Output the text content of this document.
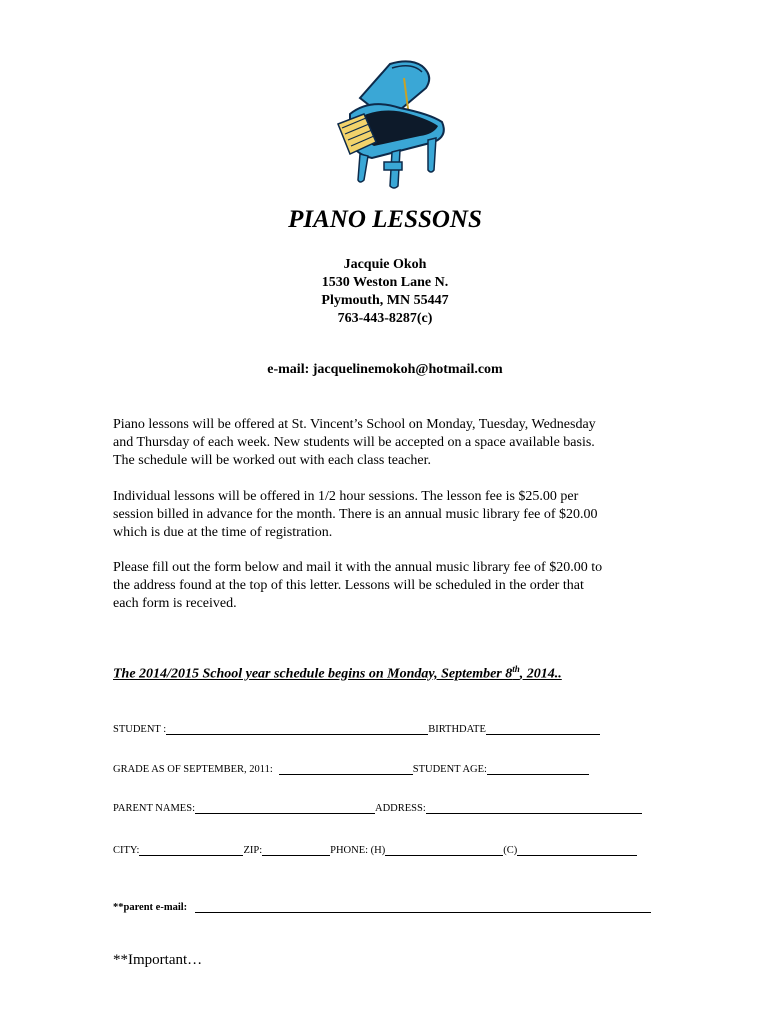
PIANO LESSONS
Jacquie Okoh
1530 Weston Lane N.
Plymouth, MN 55447
763-443-8287(c)
e-mail: jacquelinemokoh@hotmail.com
Piano lessons will be offered at St. Vincent’s School on Monday, Tuesday, Wednesday
and Thursday of each week. New students will be accepted on a space available basis.
The schedule will be worked out with each class teacher.
Individual lessons will be offered in 1/2 hour sessions. The lesson fee is $25.00 per
session billed in advance for the month. There is an annual music library fee of $20.00
which is due at the time of registration.
Please fill out the form below and mail it with the annual music library fee of $20.00 to
the address found at the top of this letter. Lessons will be scheduled in the order that
each form is received.
The 2014/2015 School year schedule begins on Monday, September 8th, 2014..
STUDENT :	BIRTHDATE
GRADE AS OF SEPTEMBER, 2011:	STUDENT AGE:
PARENT NAMES:	ADDRESS:
CITY:	ZIP:	PHONE: (H)	(C)
**parent e-mail:
**Important…
